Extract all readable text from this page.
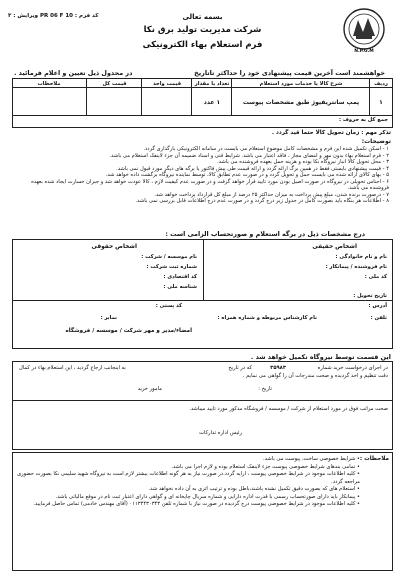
کد فرم : PR 06 F 10 ویرایش : ۳	بسمه تعالی
شرکت مدیریت تولید برق نکا
فرم استعلام بهاء الکترونیکی
N.P.G.M
خواهشمند است آخرین قیمت پیشنهادی خود را حداکثر تاتاریخ
در محدول ذیل تعیین و اعلام فرمائید .
ردیف
شرح کالا یا خدمات مورد استعلام
تعداد یا مقدار
قیمت واحد
قیمت کل
ملاحظات
۱
پمپ سانتریفیوژ طبق مشخصات پیوست
۱ عدد
جمع کل به حروف :
تذکر مهم : زمان تحویل کالا حتما قید گردد .
توضیحات:
۱ - اسکن تکمیل شده این فرم و مشخصات کامل موضوع استعلام می بایست در سامانه الکترونیکی بارگذاری گردد.
۲ - فرم استعلام بهاء بدون مهر و امضای مجاز ، فاقد اعتبار می باشد. شرایط فنی و اسناد ضمیمه آن جزء لاینفک استعلام می باشد.
۳ - محل تحویل کالا انبار نیروگاه نکا بوده و هزینه حمل بعهده فروشنده می باشد.
۴ - قیمت پیشنهادی بایستی فقط در همین برگ ارائه گردد و ارائه قیمت طی پیش فاکتور یا برگه های دیگر مورد قبول نمی باشد.
۵ - بهای کالای ارائه شده می بایست حمل و تحویل گردد و در صورت عدم تطابق کالا، توسط نماینده نیروگاه برگشت داده خواهد شد.
۶ - اجناس تحویلی در نیروگاه در صورت اصیل بودن مورد تایید قرار خواهد گرفت و در صورت عدم کیفیت لازم ، کالا عودت خواهد شد و جبران خسارت ایجاد شده بعهده فروشنده می باشد.
۷ - درصورت برنده شدن، مبلغ پیش پرداخت به میزان حداکثر ۲۵ درصد از مبلغ کل قرارداد پرداخت خواهد شد.
۸ - اطلاعات هر بنگاه باید بصورت کامل در جدول زیر درج گردد و در صورت عدم درج اطلاعات قابل بررسی نمی باشد.
درج مشخصات ذیل در برگه استعلام و صورتحساب الزامی است :
اشخاص حقیقی
اشخاص حقوقی
نام و نام خانوادگی :
نام فروشنده / پیمانکار :
کد ملی :
نام موسسه / شرکت :
شماره ثبت شرکت :
کد اقتصادی :
شناسه ملی :
تاریخ تحویل :
آدرس :
کد پستی :
تلفن :
نام کارشناس مربوطه و شماره همراه :
نمابر :
امضاء/مدیر و مهر شرکت / موسسه / فروشگاه
این قسمت توسط نیروگاه تکمیل خواهد شد .
در اجرای درخواست خرید شماره
۳۵۹۸۳
که در تاریخ
به اینجانب ارجاع گردید ، این استعلام بهاء در کمال
دقت تنظیم و اخذ گردیده و صحت مندرجات آن را گواهی می نمایم .
تاریخ :
مامور خرید
صحت مراتب فوق در مورد استعلام از شرکت / موسسه / فروشگاه مذکور مورد تایید میباشد.
رئیس اداره تدارکات
ملاحظات :
• شرایط خصوصی ساخت، پیوست می باشد.
• تمامی بندهای شرایط خصوصی پیوست جزء لاینفک استعلام بوده و لازم اجرا می باشد.
• کلیه اطلاعات موجود در شرایط خصوصی پیوست ، ارایه گردد.در صورت نیاز به هر گونه اطلاعات بیشتر لازم است به نیروگاه شهید سلیمی نکا بصورت حضوری مراجعه گردد.
• استعلام های که بصورت دقیق تکمیل نشده باشند،باطل بوده و ترتیب اثری به آن داده نخواهد شد.
• پیمانکار باید دارای صورتحساب رسمی با قدرت اداره دارایی و شماره سریال چاپخانه ای و گواهی دارای اعتبار ثبت نام در موقع مالیاتی باشد.
• کلیه اطلاعات موجود در شرایط خصوصی پیوست درج گردیده در صورت نیاز با شماره تلفن ۰۱۱۳۴۴۳۰۳۴۳ (آقای مهندس خادمی) تماس حاصل فرمایید.
